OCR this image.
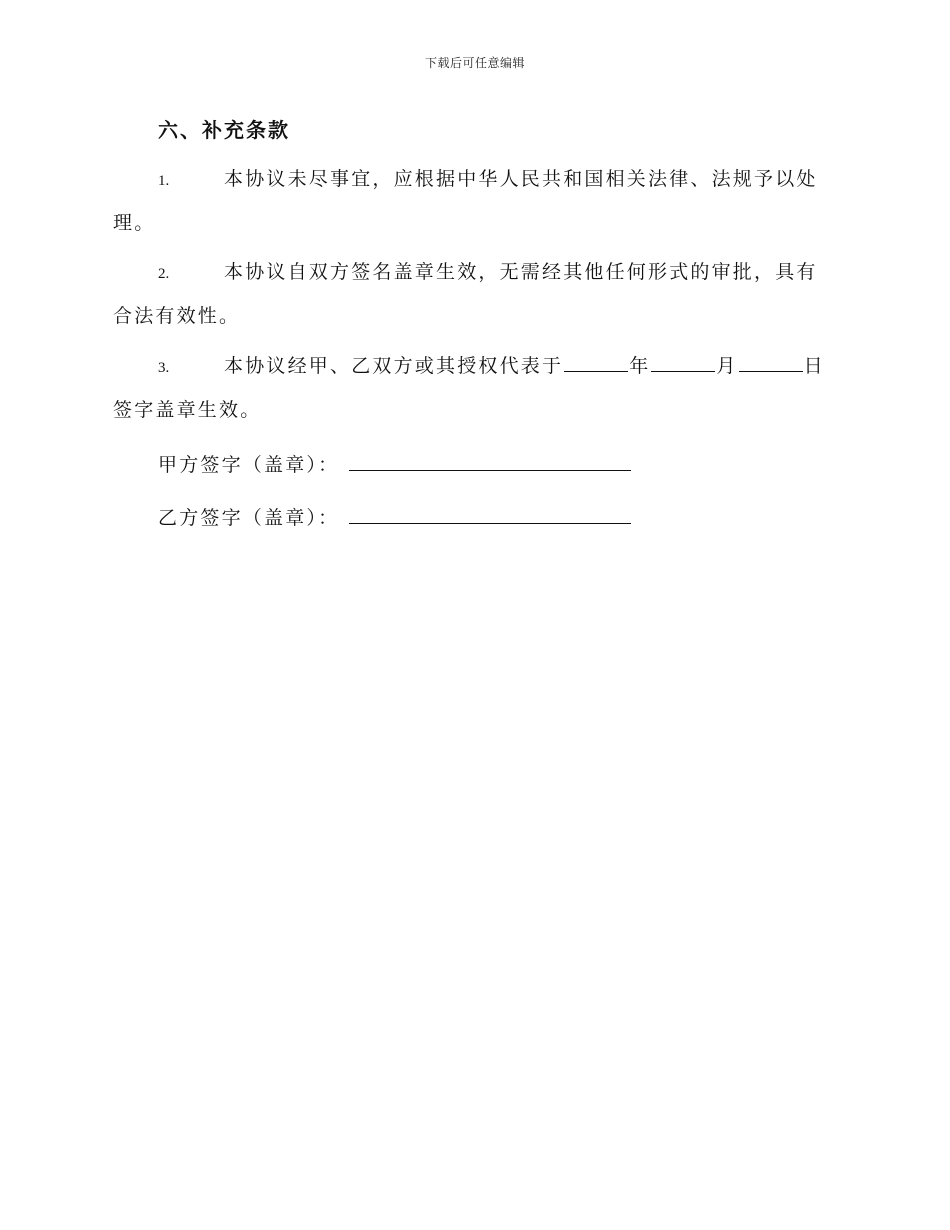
下载后可任意编辑
六、补充条款
1.	本协议未尽事宜，应根据中华人民共和国相关法律、法规予以处理。
2.	本协议自双方签名盖章生效，无需经其他任何形式的审批，具有合法有效性。
3.	本协议经甲、乙双方或其授权代表于	年	月	日签字盖章生效。
甲方签字（盖章）：
乙方签字（盖章）：
